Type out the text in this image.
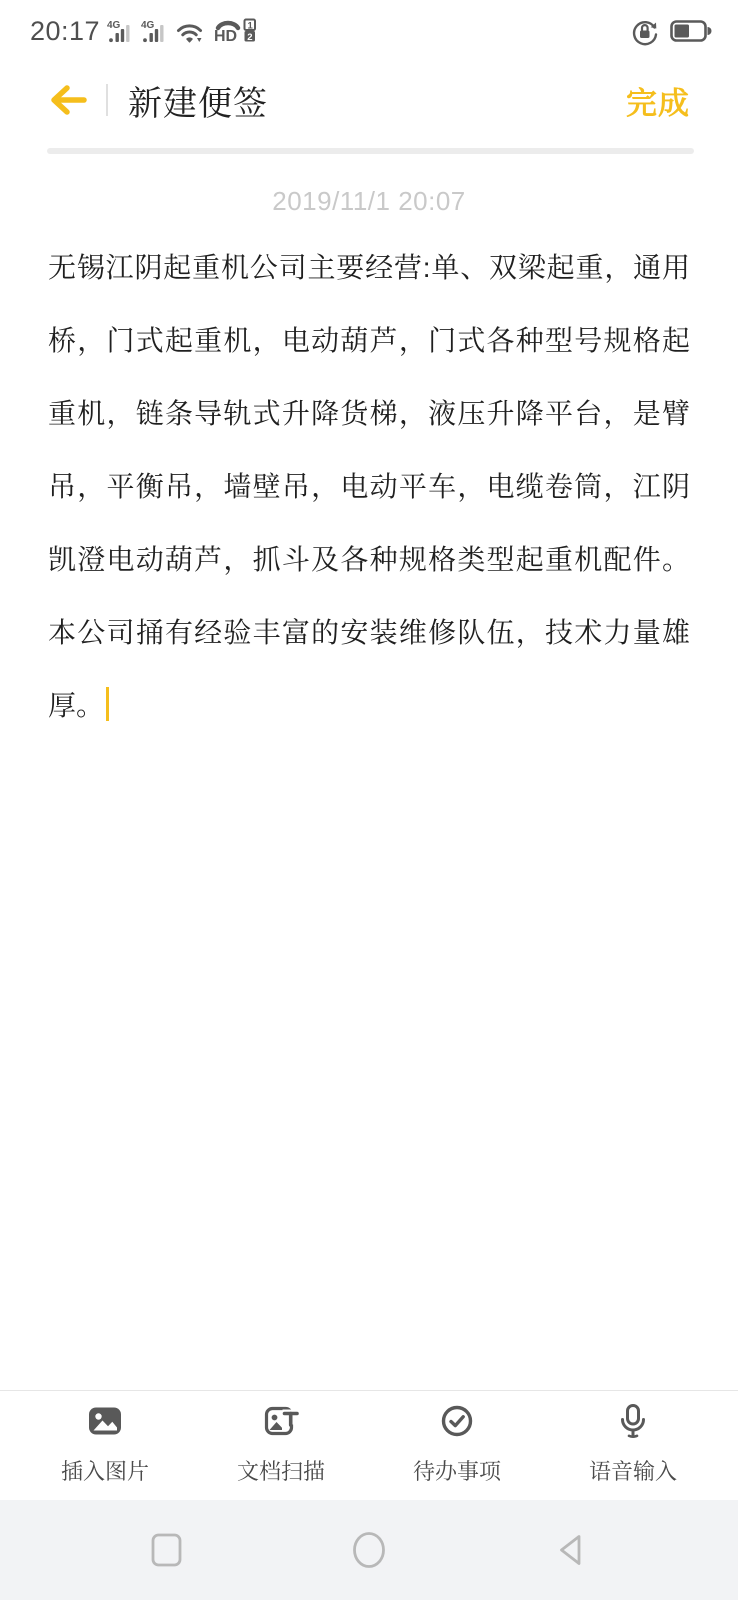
20:17 4G 4G
HD
1
2
新建便签	完成
2019/11/1 20:07
无锡江阴起重机公司主要经营:单、双梁起重，通用桥，门式起重机，电动葫芦，门式各种型号规格起重机，链条导轨式升降货梯，液压升降平台，是臂吊，平衡吊，墙壁吊，电动平车，电缆卷筒，江阴凯澄电动葫芦，抓斗及各种规格类型起重机配件。本公司捅有经验丰富的安装维修队伍，技术力量雄厚。
插入图片	文档扫描	待办事项	语音输入
